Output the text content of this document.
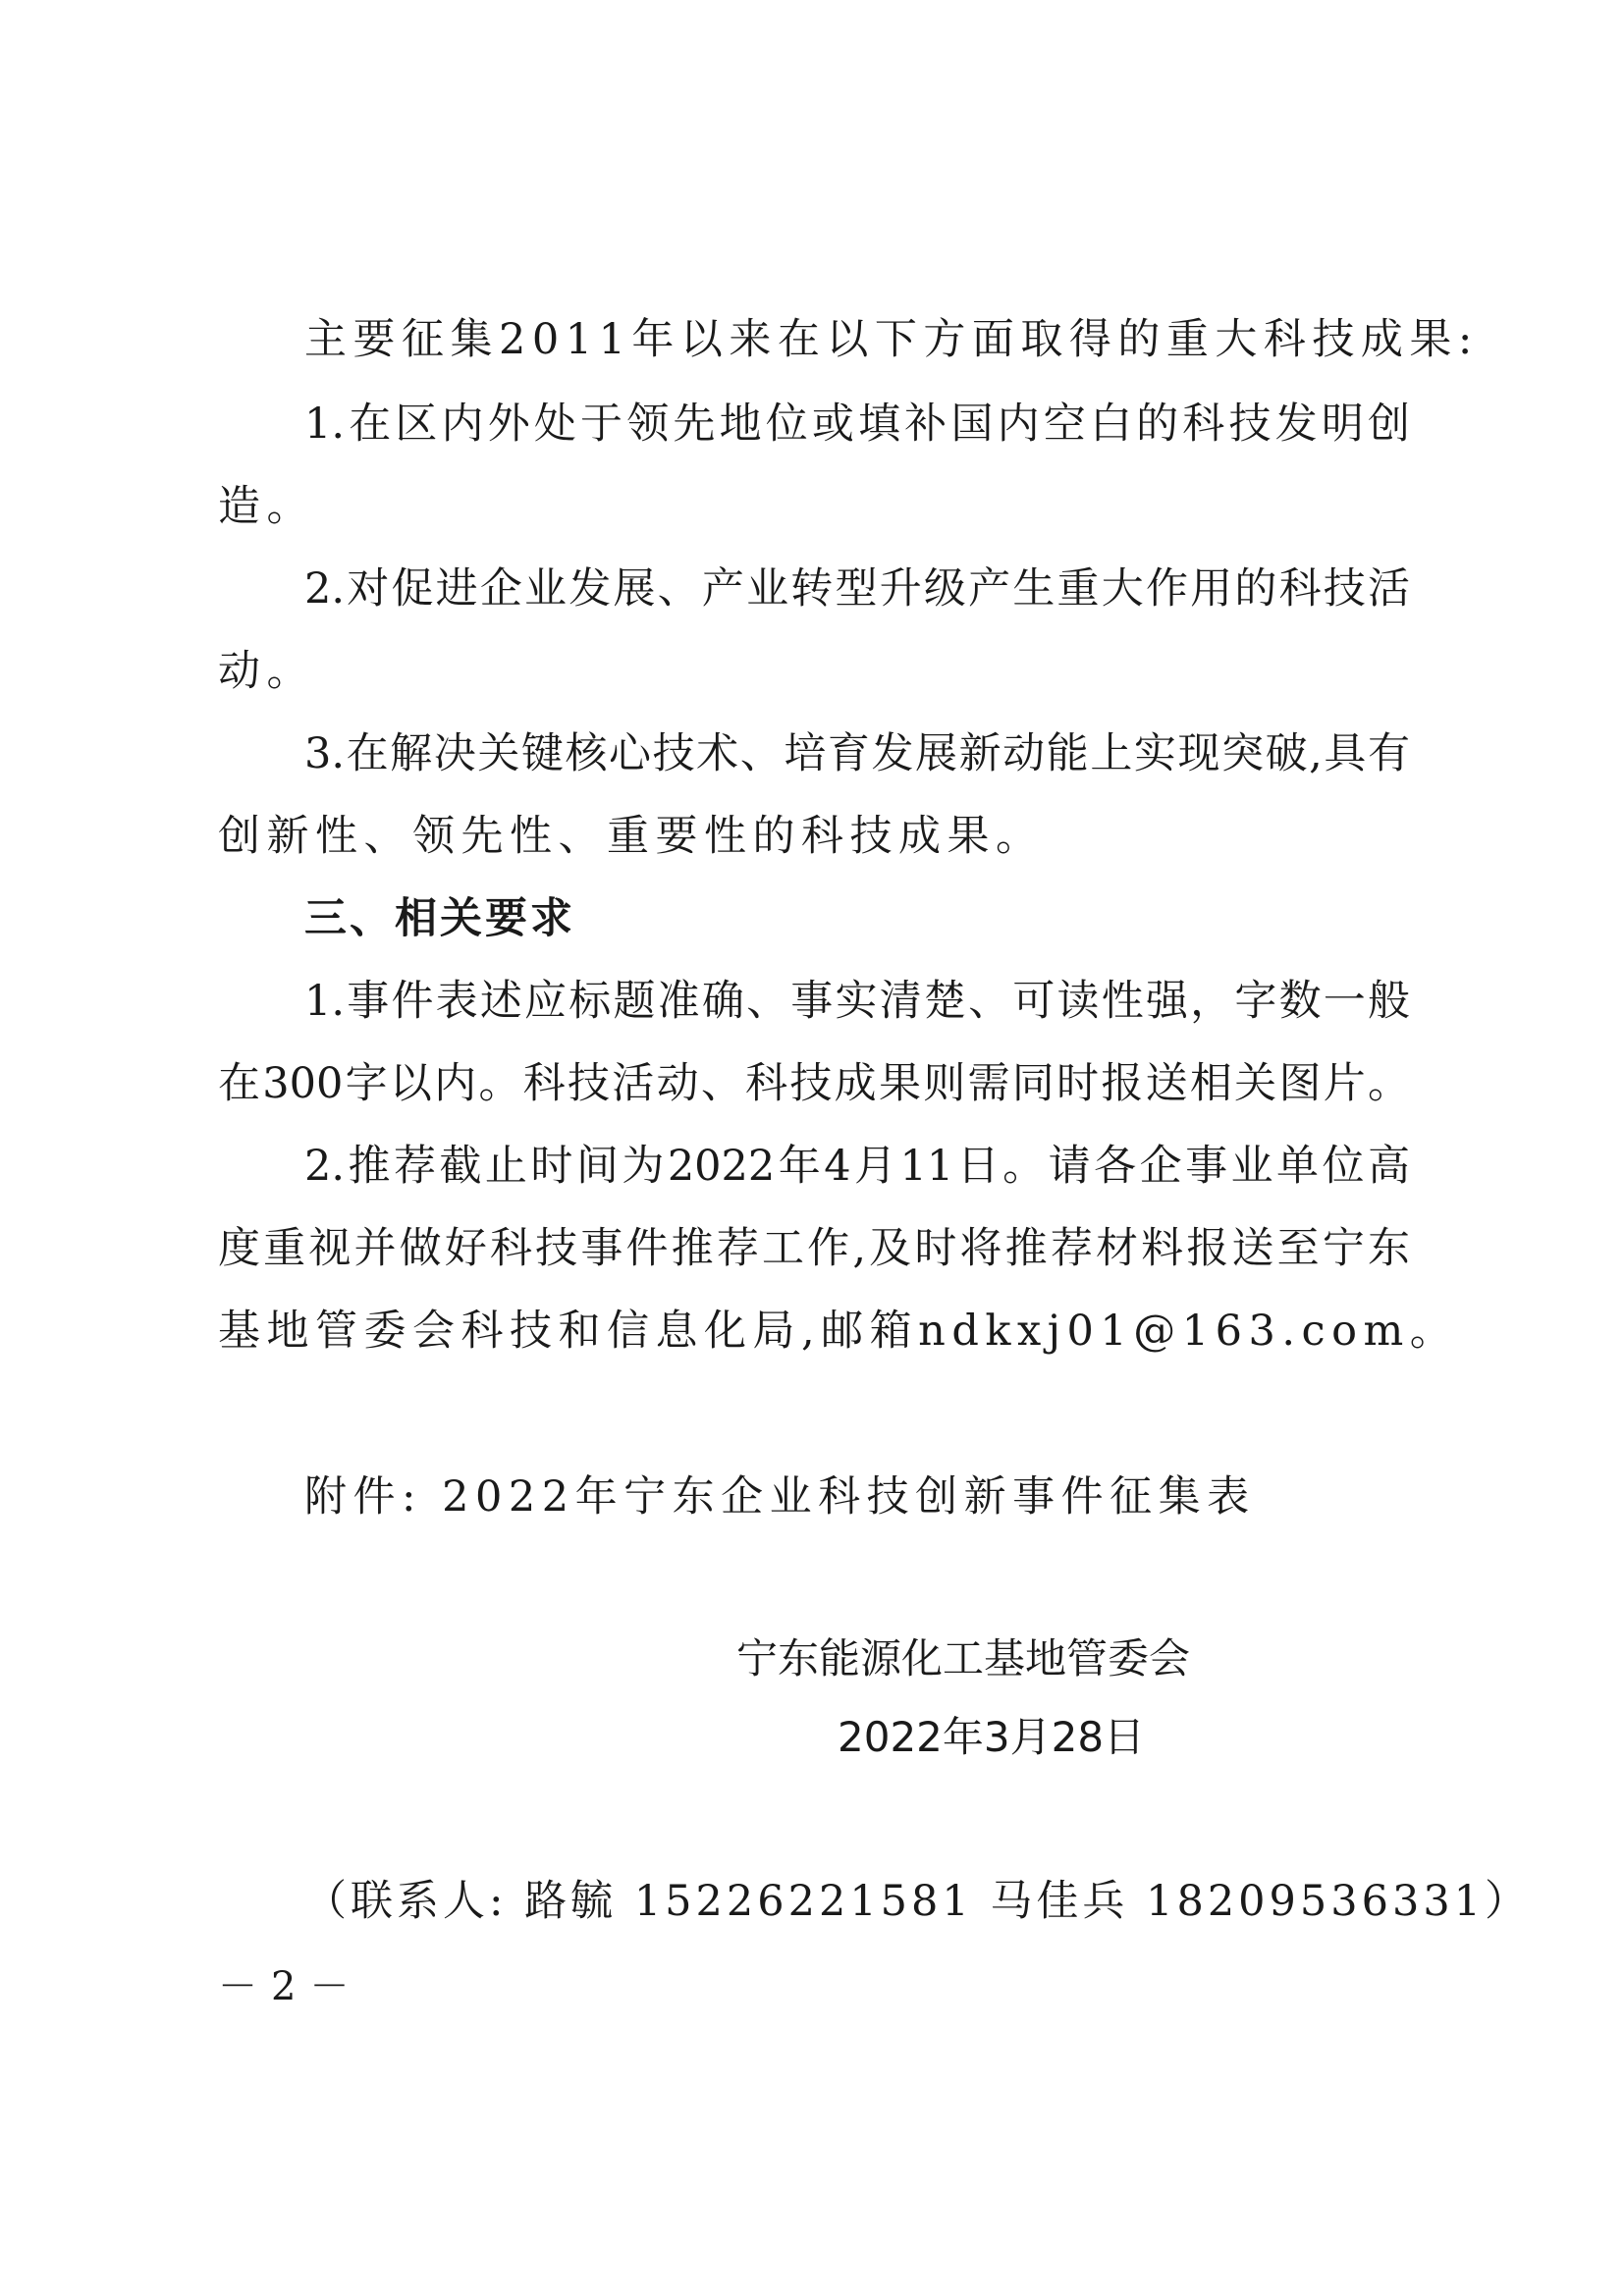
主要征集2011年以来在以下方面取得的重大科技成果:
1.在区内外处于领先地位或填补国内空白的科技发明创
造。
2.对促进企业发展、产业转型升级产生重大作用的科技活
动。
3.在解决关键核心技术、培育发展新动能上实现突破,具有
创新性、领先性、重要性的科技成果。
三、相关要求
1.事件表述应标题准确、事实清楚、可读性强，字数一般
在300字以内。科技活动、科技成果则需同时报送相关图片。
2.推荐截止时间为2022年4月11日。请各企事业单位高
度重视并做好科技事件推荐工作,及时将推荐材料报送至宁东
基地管委会科技和信息化局,邮箱ndkxj01@163.com。
附件: 2022年宁东企业科技创新事件征集表
宁东能源化工基地管委会
2022年3月28日
（联系人: 路毓 15226221581 马佳兵 18209536331）
－2－
